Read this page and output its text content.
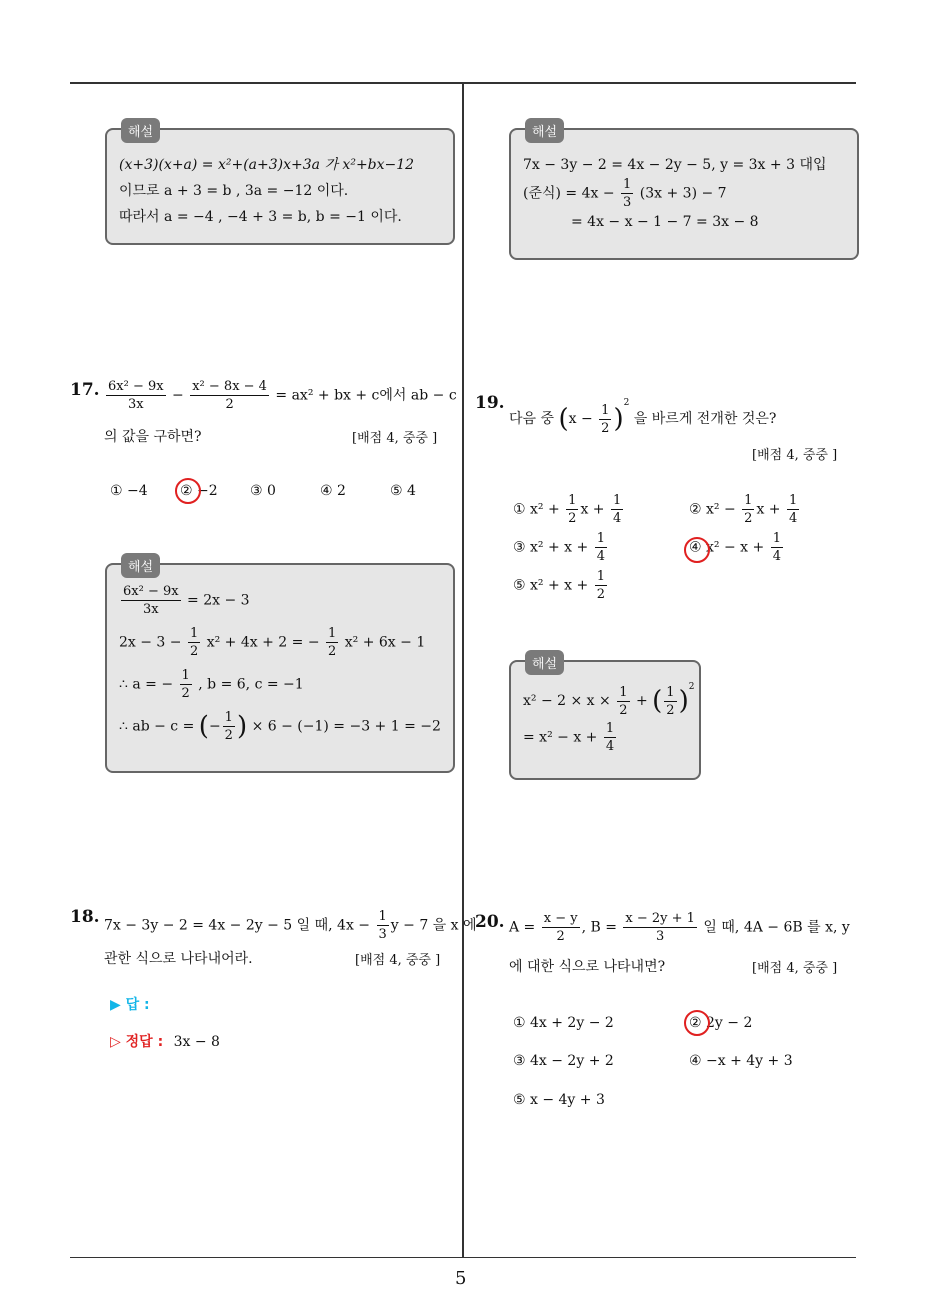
5
해설
(x+3)(x+a) = x²+(a+3)x+3a 가 x²+bx−12
이므로 a + 3 = b , 3a = −12 이다.
따라서 a = −4 , −4 + 3 = b, b = −1 이다.
해설
7x − 3y − 2 = 4x − 2y − 5, y = 3x + 3 대입
(준식) = $4x - \frac{1}{3} (3x + 3) - 7$
= 4x − x − 1 − 7 = 3x − 8
17. $\frac{\text{6x² − 9x}}{3x} - \frac{\text{x² − 8x − 4}}{2} = ax^2$ + bx + c에서 ab − c
의 값을 구하면?	[배점 4, 중중 ]
① −4 ② −2 ③ 0	④ 2	⑤ 4
해설
$\frac{\text{6x² − 9x}}{3x} = 2x - 3$
$2x - 3 - \frac{1}{2} x^2 + 4x + 2$ = − $\frac{1}{2} x^2 + 6x - 1$
∴ a = − $\frac{1}{2}$ , b = 6, c = −1
∴ ab − c = (− $\frac{1}{2}$ ) × 6 − (−1) = −3 + 1 = −2
18. 7x − 3y − 2 = 4x − 2y − 5 일 때, $4x - \frac{1}{3}$ y − 7 을 x 에
관한 식으로 나타내어라.	[배점 4, 중중 ]
▶ 답 :
▷ 정답 : 3x − 8
19.
다음 중 $(x - \frac{1}{2} )^2$ 을 바르게 전개한 것은?
[배점 4, 중중 ]
① $x^2 + \frac{1}{2}$ $x + \frac{1}{4}$	② $x^2 - \frac{1}{2}$ $x + \frac{1}{4}$
③ $x^2 + x + \frac{1}{4}$	④ $x^2 - x + \frac{1}{4}$
⑤ $x^2 + x + \frac{1}{2}$
해설
$x^2 - 2 \times x \times \frac{1}{2}$ + ( $\frac{1}{2} )^2$
= $x^2 - x + \frac{1}{4}$
20. $A = \frac{x - y}{2}$ , $B = \frac{x - 2y + 1}{3}$ 일 때, 4A − 6B 를 x, y
에 대한 식으로 나타내면?	[배점 4, 중중 ]
① 4x + 2y − 2	② 2y − 2
③ 4x − 2y + 2	④ −x + 4y + 3
⑤ x − 4y + 3
